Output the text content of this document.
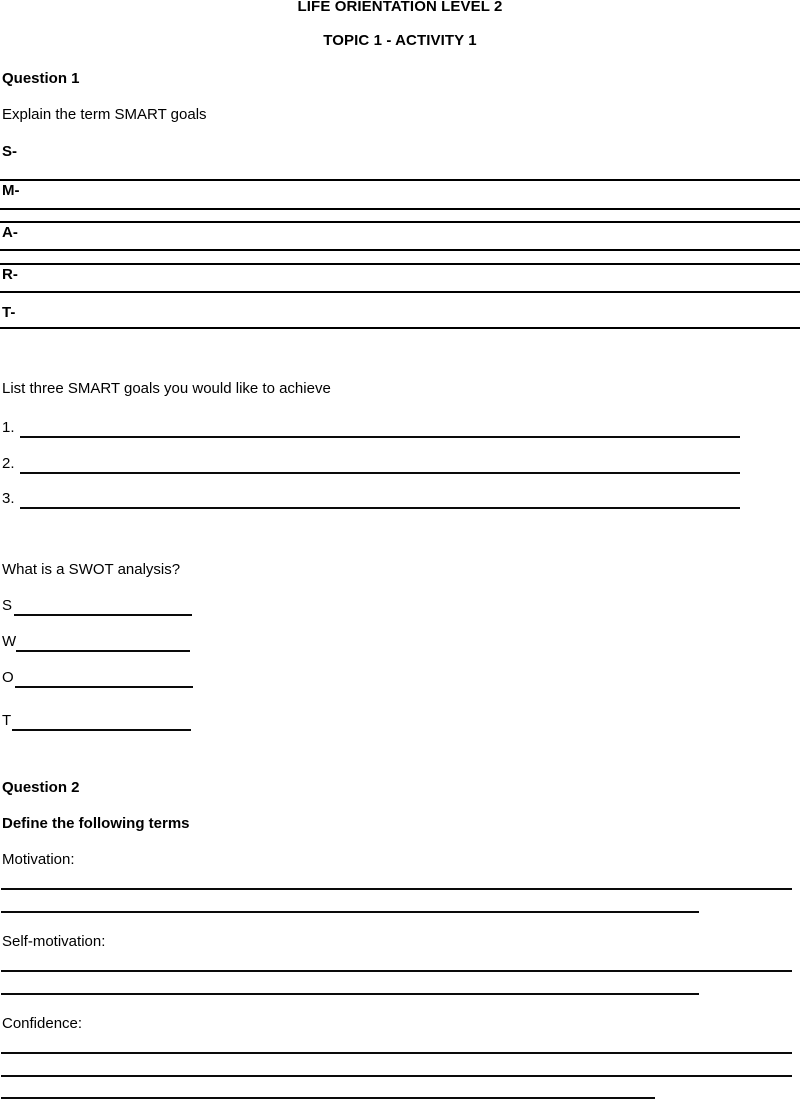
LIFE ORIENTATION LEVEL 2
TOPIC 1 - ACTIVITY 1
Question 1
Explain the term SMART goals
S-
M-
A-
R-
T-
List three SMART goals you would like to achieve
1.
2.
3.
What is a SWOT analysis?
S
W
O
T
Question 2
Define the following terms
Motivation:
Self-motivation:
Confidence:
